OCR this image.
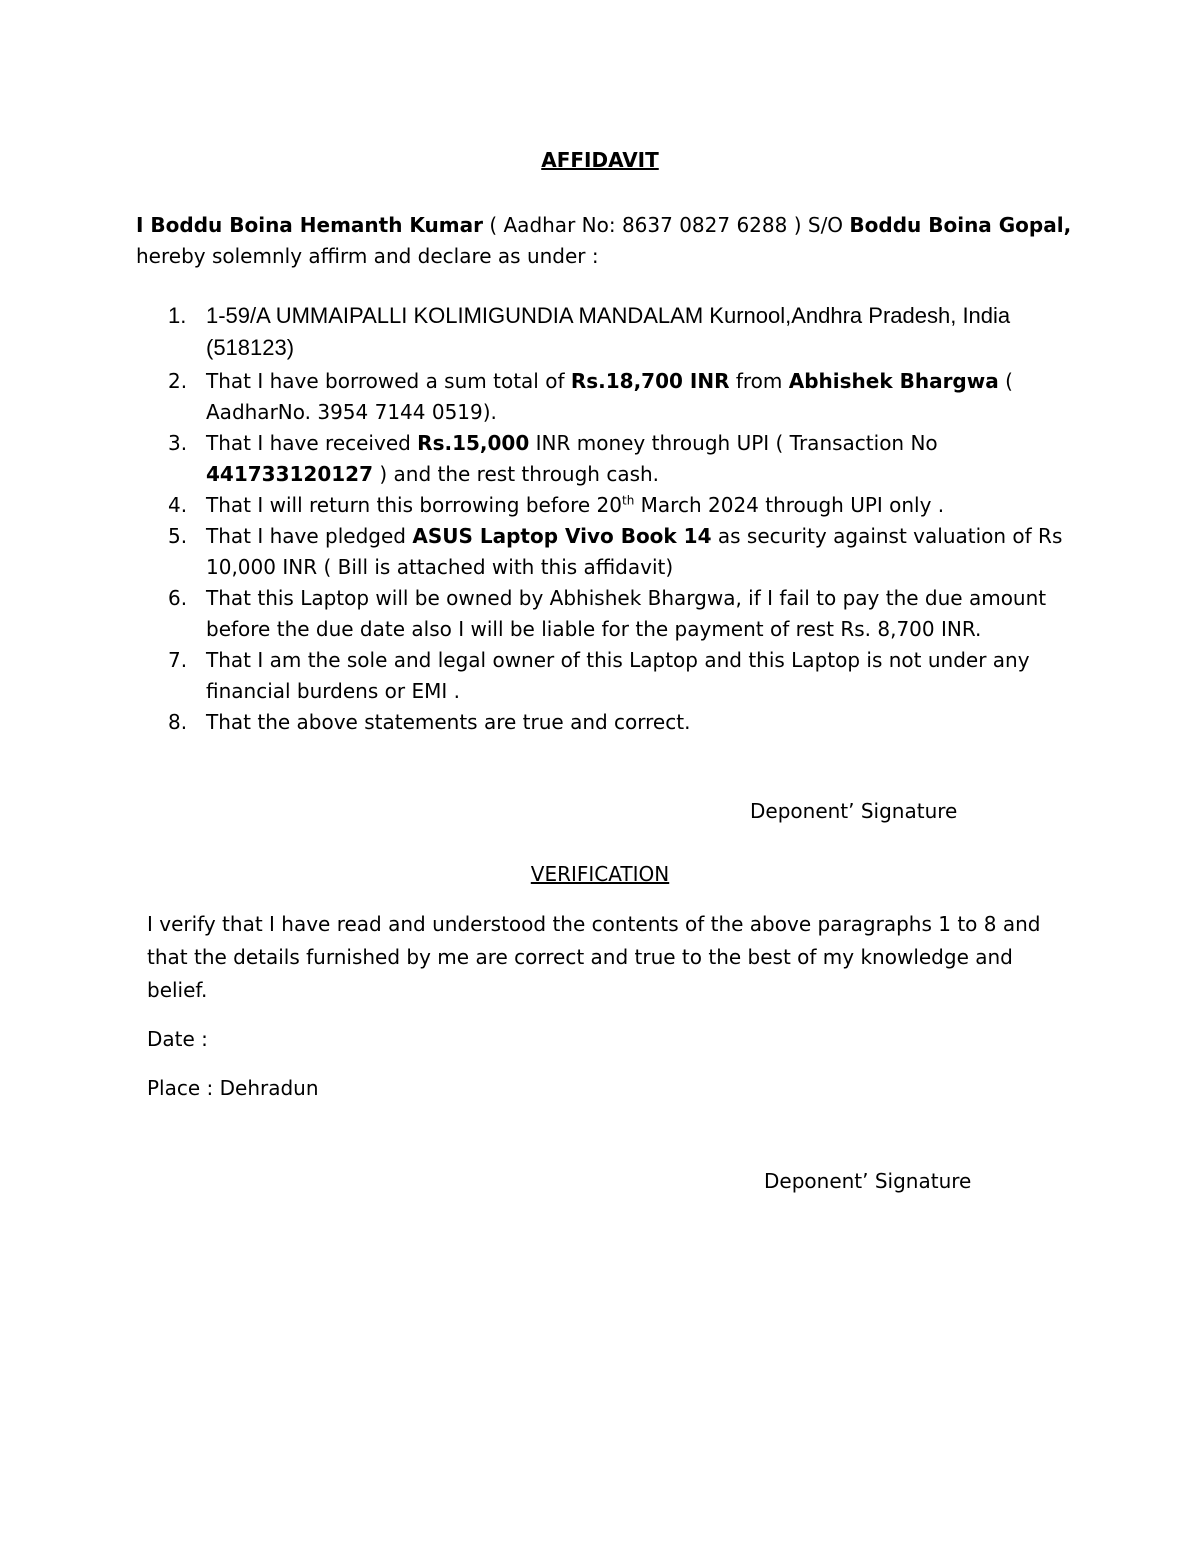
AFFIDAVIT
I Boddu Boina Hemanth Kumar ( Aadhar No: 8637 0827 6288 ) S/O Boddu Boina Gopal,
hereby solemnly affirm and declare as under :
1. 1-59/A UMMAIPALLI KOLIMIGUNDIA MANDALAM Kurnool,Andhra Pradesh, India (518123)
2. That I have borrowed a sum total of Rs.18,700 INR from Abhishek Bhargwa ( AadharNo. 3954 7144 0519).
3. That I have received Rs.15,000 INR money through UPI ( Transaction No 441733120127 ) and the rest through cash.
4. That I will return this borrowing before 20th March 2024 through UPI only .
5. That I have pledged ASUS Laptop Vivo Book 14 as security against valuation of Rs 10,000 INR ( Bill is attached with this affidavit)
6. That this Laptop will be owned by Abhishek Bhargwa, if I fail to pay the due amount before the due date also I will be liable for the payment of rest Rs. 8,700 INR.
7. That I am the sole and legal owner of this Laptop and this Laptop is not under any financial burdens or EMI .
8. That the above statements are true and correct.
Deponent’ Signature
VERIFICATION
I verify that I have read and understood the contents of the above paragraphs 1 to 8 and that the details furnished by me are correct and true to the best of my knowledge and belief.
Date :
Place : Dehradun
Deponent’ Signature
